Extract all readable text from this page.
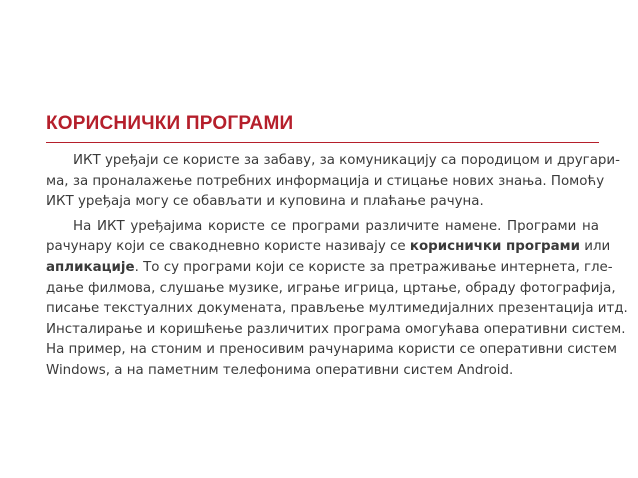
КОРИСНИЧКИ ПРОГРАМИ
ИКТ уређаји се користе за забаву, за комуникацију са породицом и другари-
ма, за проналажење потребних информација и стицање нових знања. Помоћу
ИКТ уређаја могу се обављати и куповина и плаћање рачуна.
На ИКТ уређајима користе се програми различите намене. Програми на
рачунару који се свакодневно користе називају се кориснички програми или
апликације. То су програми који се користе за претраживање интернета, гле-
дање филмова, слушање музике, играње игрица, цртање, обраду фотографија,
писање текстуалних докумената, прављење мултимедијалних презентација итд.
Инсталирање и коришћење различитих програма омогућава оперативни систем.
На пример, на стоним и преносивим рачунарима користи се оперативни систем
Windows, а на паметним телефонима оперативни систем Android.
